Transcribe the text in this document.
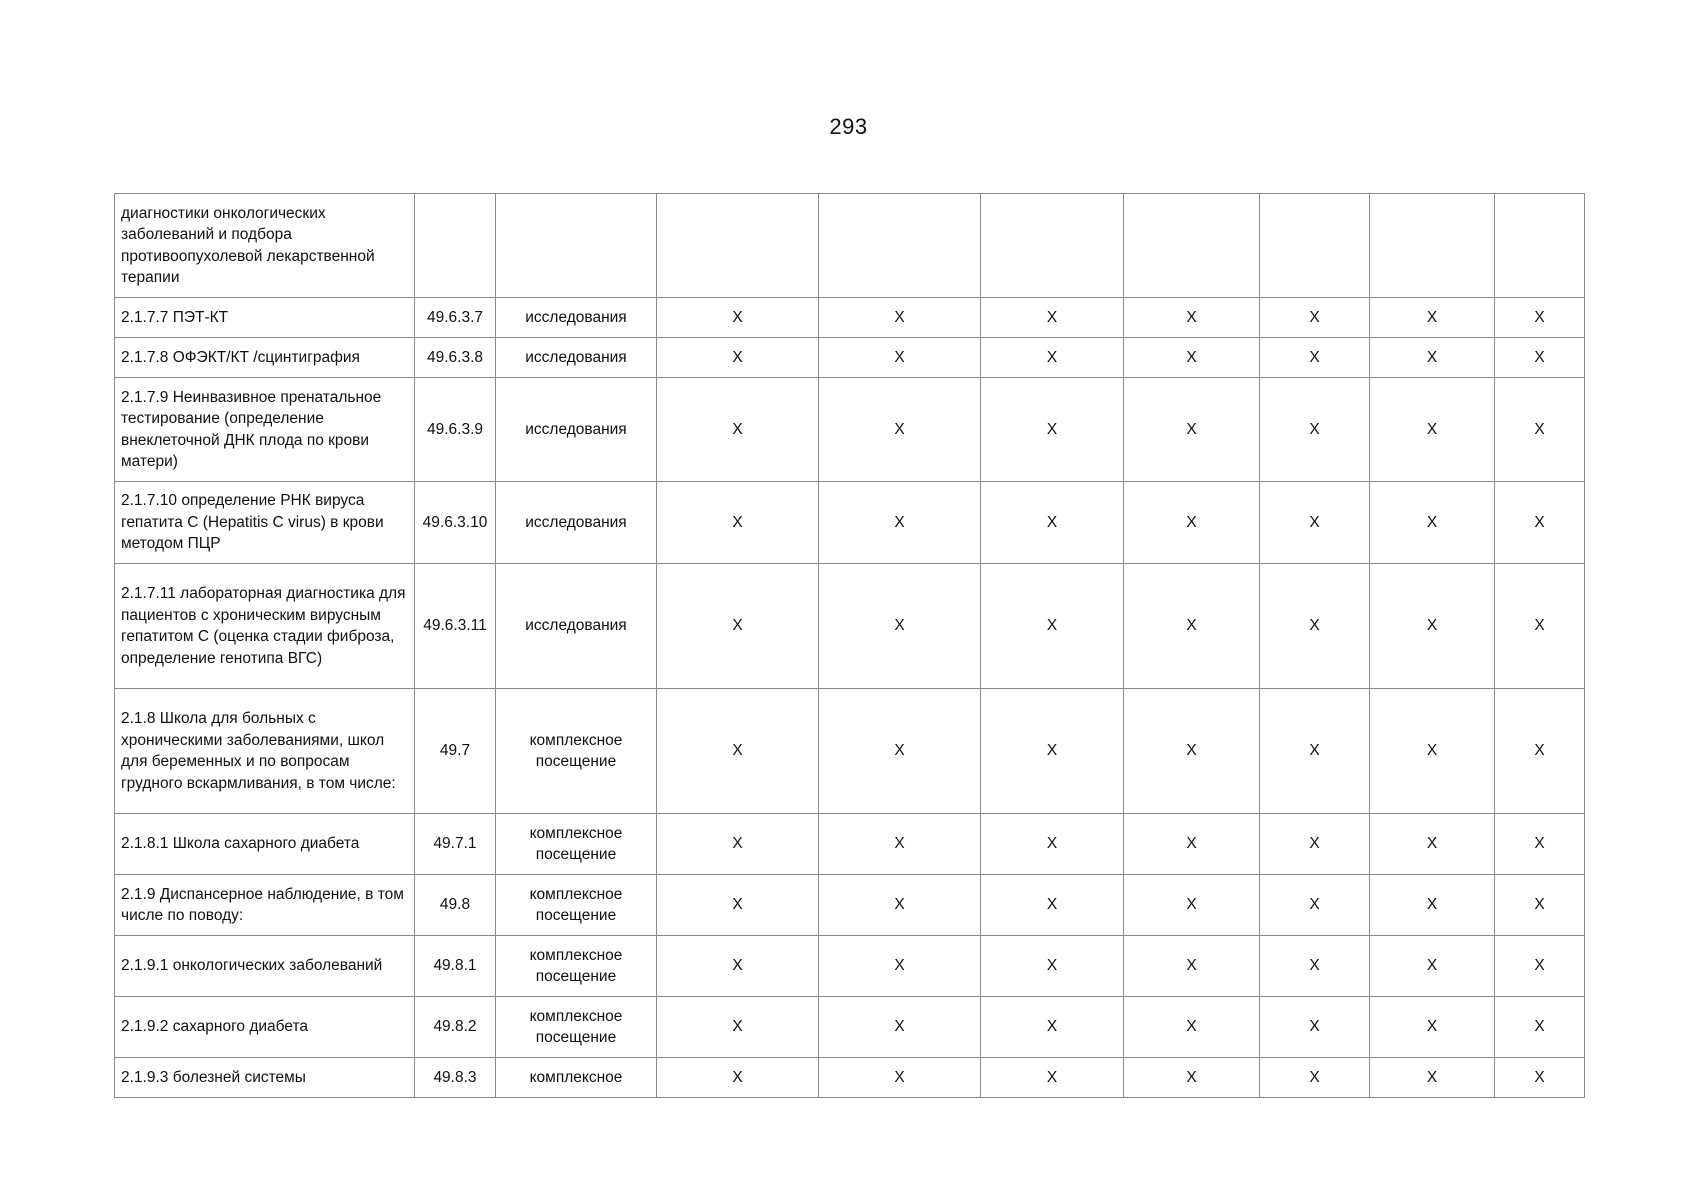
293
диагностики онкологических заболеваний и подбора противоопухолевой лекарственной терапии									
2.1.7.7 ПЭТ-КТ	49.6.3.7	исследования	X	X	X	X	X	X	X
2.1.7.8 ОФЭКТ/КТ /сцинтиграфия	49.6.3.8	исследования	X	X	X	X	X	X	X
2.1.7.9 Неинвазивное пренатальное тестирование (определение внеклеточной ДНК плода по крови матери)	49.6.3.9	исследования	X	X	X	X	X	X	X
2.1.7.10 определение РНК вируса гепатита С (Hepatitis C virus) в крови методом ПЦР	49.6.3.10	исследования	X	X	X	X	X	X	X
2.1.7.11 лабораторная диагностика для пациентов с хроническим вирусным гепатитом С (оценка стадии фиброза, определение генотипа ВГС)	49.6.3.11	исследования	X	X	X	X	X	X	X
2.1.8 Школа для больных с хроническими заболеваниями, школ для беременных и по вопросам грудного вскармливания, в том числе:	49.7	комплексное посещение	X	X	X	X	X	X	X
2.1.8.1 Школа сахарного диабета	49.7.1	комплексное посещение	X	X	X	X	X	X	X
2.1.9 Диспансерное наблюдение, в том числе по поводу:	49.8	комплексное посещение	X	X	X	X	X	X	X
2.1.9.1 онкологических заболеваний	49.8.1	комплексное посещение	X	X	X	X	X	X	X
2.1.9.2 сахарного диабета	49.8.2	комплексное посещение	X	X	X	X	X	X	X
2.1.9.3 болезней системы	49.8.3	комплексное	X	X	X	X	X	X	X
